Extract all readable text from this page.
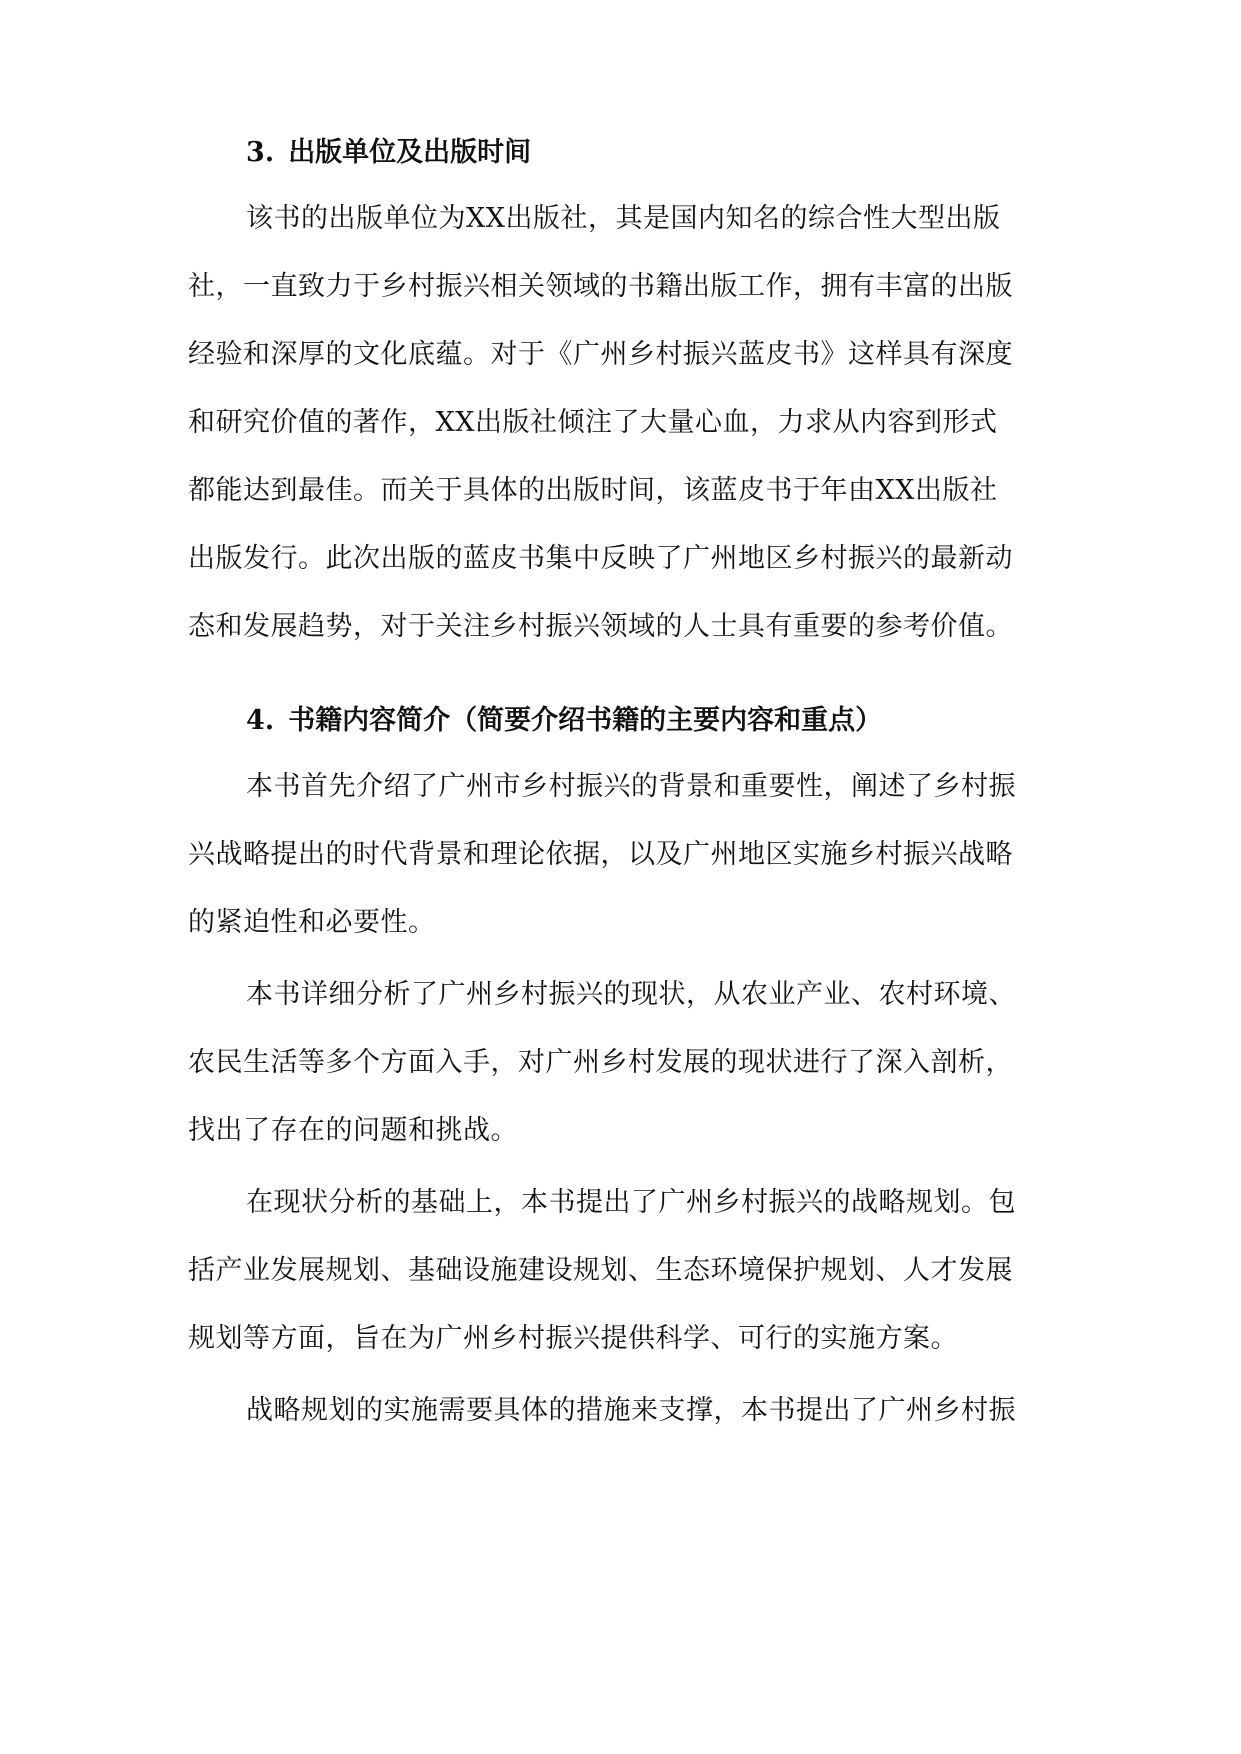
3. 出版单位及出版时间
该书的出版单位为XX出版社，其是国内知名的综合性大型出版
社，一直致力于乡村振兴相关领域的书籍出版工作，拥有丰富的出版
经验和深厚的文化底蕴。对于《广州乡村振兴蓝皮书》这样具有深度
和研究价值的著作，XX出版社倾注了大量心血，力求从内容到形式
都能达到最佳。而关于具体的出版时间，该蓝皮书于年由XX出版社
出版发行。此次出版的蓝皮书集中反映了广州地区乡村振兴的最新动
态和发展趋势，对于关注乡村振兴领域的人士具有重要的参考价值。
4. 书籍内容简介（简要介绍书籍的主要内容和重点）
本书首先介绍了广州市乡村振兴的背景和重要性，阐述了乡村振
兴战略提出的时代背景和理论依据，以及广州地区实施乡村振兴战略
的紧迫性和必要性。
本书详细分析了广州乡村振兴的现状，从农业产业、农村环境、
农民生活等多个方面入手，对广州乡村发展的现状进行了深入剖析，
找出了存在的问题和挑战。
在现状分析的基础上，本书提出了广州乡村振兴的战略规划。包
括产业发展规划、基础设施建设规划、生态环境保护规划、人才发展
规划等方面，旨在为广州乡村振兴提供科学、可行的实施方案。
战略规划的实施需要具体的措施来支撑，本书提出了广州乡村振
